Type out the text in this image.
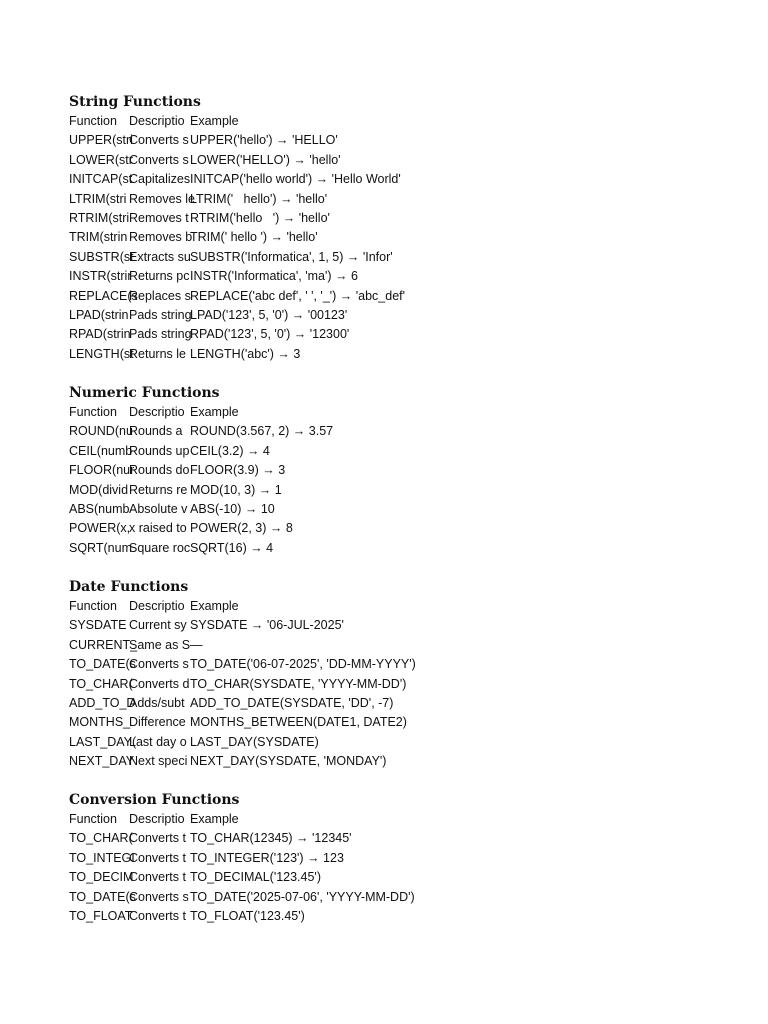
String Functions
Function Descriptio Example
UPPER(striConverts sUPPER('hello') → 'HELLO'
LOWER(strConverts sLOWER('HELLO') → 'hello'
INITCAP(stCapitalizesINITCAP('hello world') → 'Hello World'
LTRIM(stri Removes leLTRIM('   hello') → 'hello'
RTRIM(striRemoves tRTRIM('hello   ') → 'hello'
TRIM(strin Removes bTRIM(' hello ') → 'hello'
SUBSTR(stExtracts suSUBSTR('Informatica', 1, 5) → 'Infor'
INSTR(strirReturns pcINSTR('Informatica', 'ma') → 6
REPLACE(sReplaces sREPLACE('abc def', ' ', '_') → 'abc_def'
LPAD(strinPads stringLPAD('123', 5, '0') → '00123'
RPAD(strinPads stringRPAD('123', 5, '0') → '12300'
LENGTH(stReturns le LENGTH('abc') → 3
Numeric Functions
Function Descriptio Example
ROUND(nuRounds a ROUND(3.567, 2) → 3.57
CEIL(numbRounds upCEIL(3.2) → 4
FLOOR(nurRounds doFLOOR(3.9) → 3
MOD(dividReturns re MOD(10, 3) → 1
ABS(numbAbsolute v ABS(-10) → 10
POWER(x,x raised to POWER(2, 3) → 8
SQRT(numSquare rocSQRT(16) → 4
Date Functions
Function Descriptio Example
SYSDATE Current sy SYSDATE → '06-JUL-2025'
CURRENT_Same as S—
TO_DATE(sConverts sTO_DATE('06-07-2025', 'DD-MM-YYYY')
TO_CHAR(Converts dTO_CHAR(SYSDATE, 'YYYY-MM-DD')
ADD_TO_DAdds/subt ADD_TO_DATE(SYSDATE, 'DD', -7)
MONTHS_Difference MONTHS_BETWEEN(DATE1, DATE2)
LAST_DAY(Last day o LAST_DAY(SYSDATE)
NEXT_DAYNext speci NEXT_DAY(SYSDATE, 'MONDAY')
Conversion Functions
Function Descriptio Example
TO_CHAR(Converts t TO_CHAR(12345) → '12345'
TO_INTEGIConverts t TO_INTEGER('123') → 123
TO_DECIMConverts t TO_DECIMAL('123.45')
TO_DATE(sConverts sTO_DATE('2025-07-06', 'YYYY-MM-DD')
TO_FLOATConverts t TO_FLOAT('123.45')
